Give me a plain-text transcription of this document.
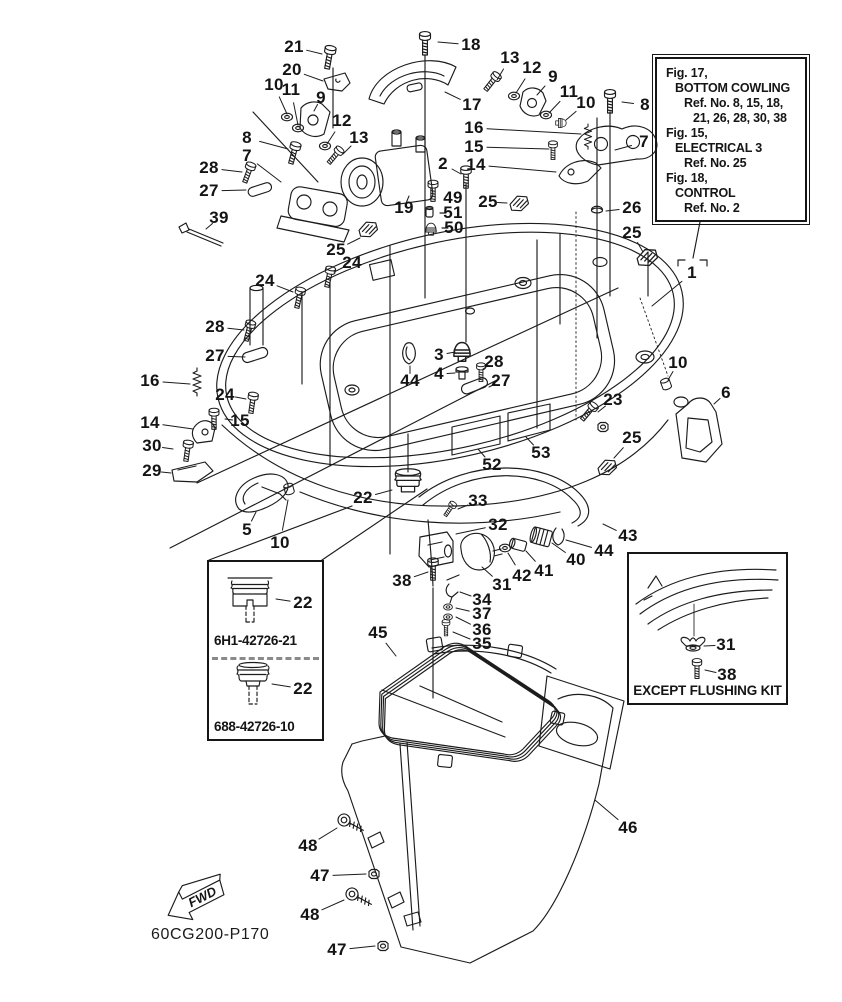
FWD
Fig. 17,
BOTTOM COWLING
Ref. No. 8, 15, 18,
21, 26, 28, 30, 38
Fig. 15,
ELECTRICAL 3
Ref. No. 25
Fig. 18,
CONTROL
Ref. No. 2
6H1-42726-21
688-42726-10
EXCEPT FLUSHING KIT
60CG200-P170
21	18
20
13
12 9
10
11 9	11
10	8
17
12	16
13	15
8
14
7
7
28	2
27
19
49
26
51
50
39
25
25
25
24
1
24
28
27	3	10
4
28
27
44
6
16
23
24
15
14
25
30
29	52
53
22	33
5	32
10	43
44
40
41
42
38	31
34
37
36
35
45
46
48
47
48
47
22
22
31
38
